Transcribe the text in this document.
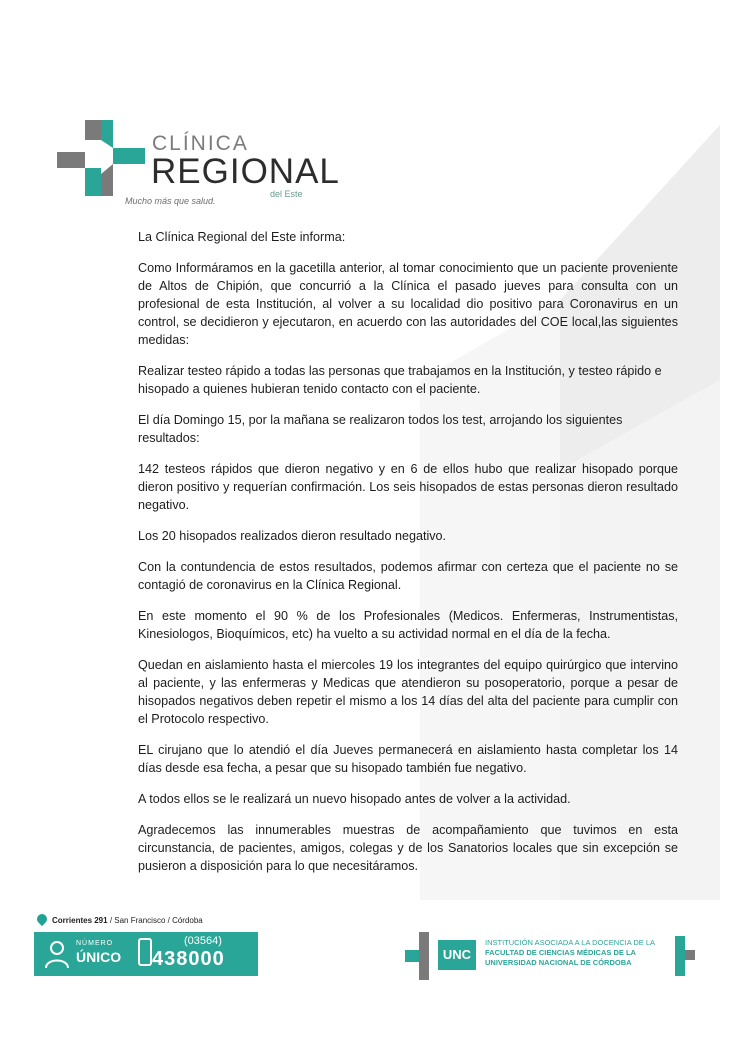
CLÍNICA
REGIONAL
del Este
Mucho más que salud.

La Clínica Regional del Este informa:

Como Informáramos en la gacetilla anterior, al tomar conocimiento que un paciente proveniente de Altos de Chipión, que concurrió a la Clínica el pasado jueves para consulta con un profesional de esta Institución, al volver a su localidad dio positivo para Coronavirus en un control, se decidieron y ejecutaron, en acuerdo con las autoridades del COE local,las siguientes medidas:

Realizar testeo rápido a todas las personas que trabajamos en la Institución, y testeo rápido e hisopado a quienes hubieran tenido contacto con el paciente.

El día Domingo 15, por la mañana se realizaron todos los test, arrojando los siguientes resultados:

142 testeos rápidos que dieron negativo y en 6 de ellos hubo que realizar hisopado porque dieron positivo y requerían confirmación. Los seis hisopados de estas personas dieron resultado negativo.

Los 20 hisopados realizados dieron resultado negativo.

Con la contundencia de estos resultados, podemos afirmar con certeza que el paciente no se contagió de coronavirus en la Clínica Regional.

En este momento el 90 % de los Profesionales (Medicos. Enfermeras, Instrumentistas, Kinesiologos, Bioquímicos, etc) ha vuelto a su actividad normal en el día de la fecha.

Quedan en aislamiento hasta el miercoles 19 los integrantes del equipo quirúrgico que intervino al paciente, y las enfermeras y Medicas que atendieron su posoperatorio, porque a pesar de hisopados negativos deben repetir el mismo a los 14 días del alta del paciente para cumplir con el Protocolo respectivo.

EL cirujano que lo atendió el día Jueves permanecerá en aislamiento hasta completar los 14 días desde esa fecha, a pesar que su hisopado también fue negativo.

A todos ellos se le realizará un nuevo hisopado antes de volver a la actividad.

Agradecemos las innumerables muestras de acompañamiento que tuvimos en esta circunstancia, de pacientes, amigos, colegas y de los Sanatorios locales que sin excepción se pusieron a disposición para lo que necesitáramos.

Corrientes 291 / San Francisco / Córdoba
NÚMERO
ÚNICO
(03564)
438000	UNC
INSTITUCIÓN ASOCIADA A LA DOCENCIA DE LA
FACULTAD DE CIENCIAS MÉDICAS DE LA
UNIVERSIDAD NACIONAL DE CÓRDOBA
